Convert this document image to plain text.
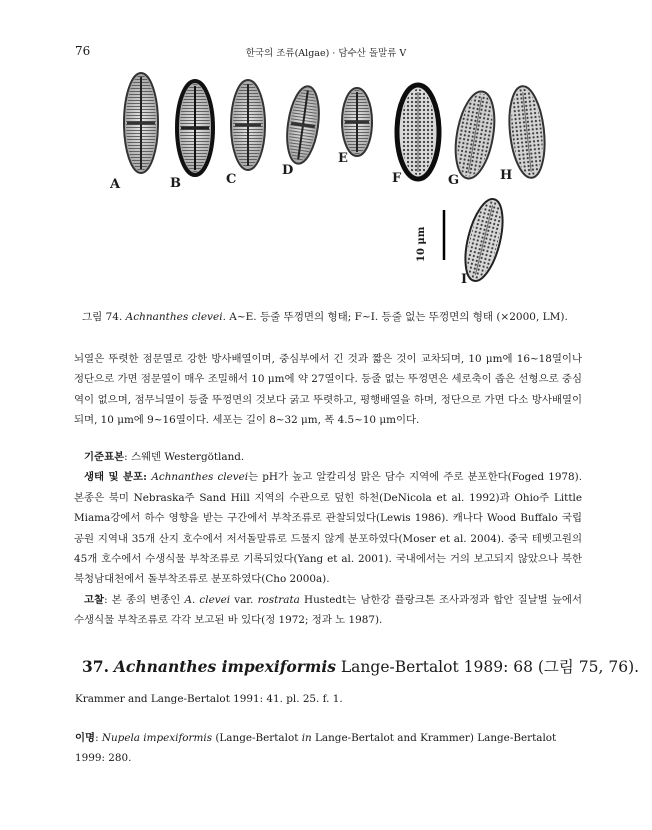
76	한국의 조류(Algae) · 담수산 돌말류 V
A	B	C
D
E
F	G	H
I
10 μm
그림 74. Achnanthes clevei. A~E. 등줄 뚜껑면의 형태; F~I. 등줄 없는 뚜껑면의 형태 (×2000, LM).

뇌열은 뚜렷한 점문열로 강한 방사배열이며, 중심부에서 긴 것과 짧은 것이 교차되며, 10 μm에 16~18열이나 정단으로 가면 점문열이 매우 조밀해서 10 μm에 약 27열이다. 등줄 없는 뚜껑면은 세로축이 좁은 선형으로 중심역이 없으며, 점무늬열이 등줄 뚜껑면의 것보다 굵고 뚜렷하고, 평행배열을 하며, 정단으로 가면 다소 방사배열이 되며, 10 μm에 9~16열이다. 세포는 길이 8~32 μm, 폭 4.5~10 μm이다.

기준표본: 스웨덴 Westergötland.

생태 및 분포: Achnanthes clevei는 pH가 높고 알칼리성 맑은 담수 지역에 주로 분포한다(Foged 1978). 본종은 북미 Nebraska주 Sand Hill 지역의 수관으로 덮힌 하천(DeNicola et al. 1992)과 Ohio주 Little Miama강에서 하수 영향을 받는 구간에서 부착조류로 관찰되었다(Lewis 1986). 캐나다 Wood Buffalo 국립공원 지역내 35개 산지 호수에서 저서돌말류로 드물지 않게 분포하였다(Moser et al. 2004). 중국 테벳고원의 45개 호수에서 수생식물 부착조류로 기록되었다(Yang et al. 2001). 국내에서는 거의 보고되지 않았으나 북한 북청남대천에서 돌부착조류로 분포하였다(Cho 2000a).

고찰: 본 종의 변종인 A. clevei var. rostrata Hustedt는 남한강 플랑크톤 조사과정과 합안 질날벌 늪에서 수생식물 부착조류로 각각 보고된 바 있다(정 1972; 정과 노 1987).

37. Achnanthes impexiformis Lange-Bertalot 1989: 68 (그림 75, 76).
Krammer and Lange-Bertalot 1991: 41. pl. 25. f. 1.
이명: Nupela impexiformis (Lange-Bertalot in Lange-Bertalot and Krammer) Lange-Bertalot 1999: 280.
